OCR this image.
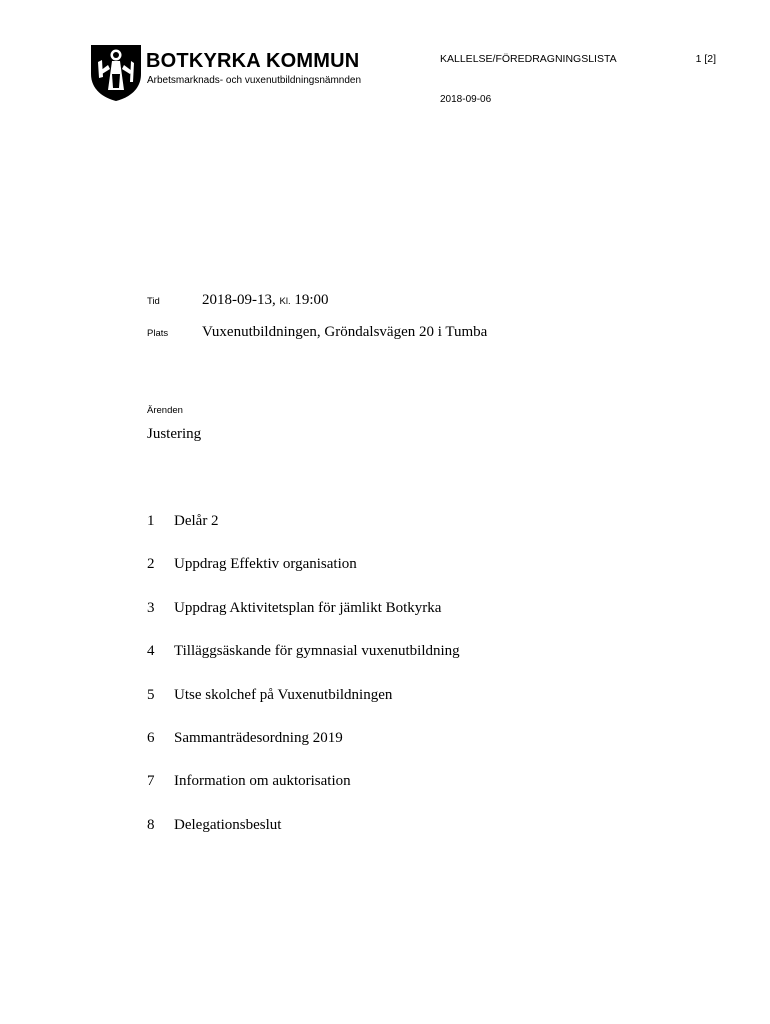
BOTKYRKA KOMMUN
Arbetsmarknads- och vuxenutbildningsnämnden
KALLELSE/FÖREDRAGNINGSLISTA	1 [2]
2018-09-06
Tid	2018-09-13, Kl. 19:00
Plats Vuxenutbildningen, Gröndalsvägen 20 i Tumba
Ärenden
Justering
1	Delår 2
2	Uppdrag Effektiv organisation
3	Uppdrag Aktivitetsplan för jämlikt Botkyrka
4	Tilläggsäskande för gymnasial vuxenutbildning
5	Utse skolchef på Vuxenutbildningen
6	Sammanträdesordning 2019
7	Information om auktorisation
8	Delegationsbeslut
